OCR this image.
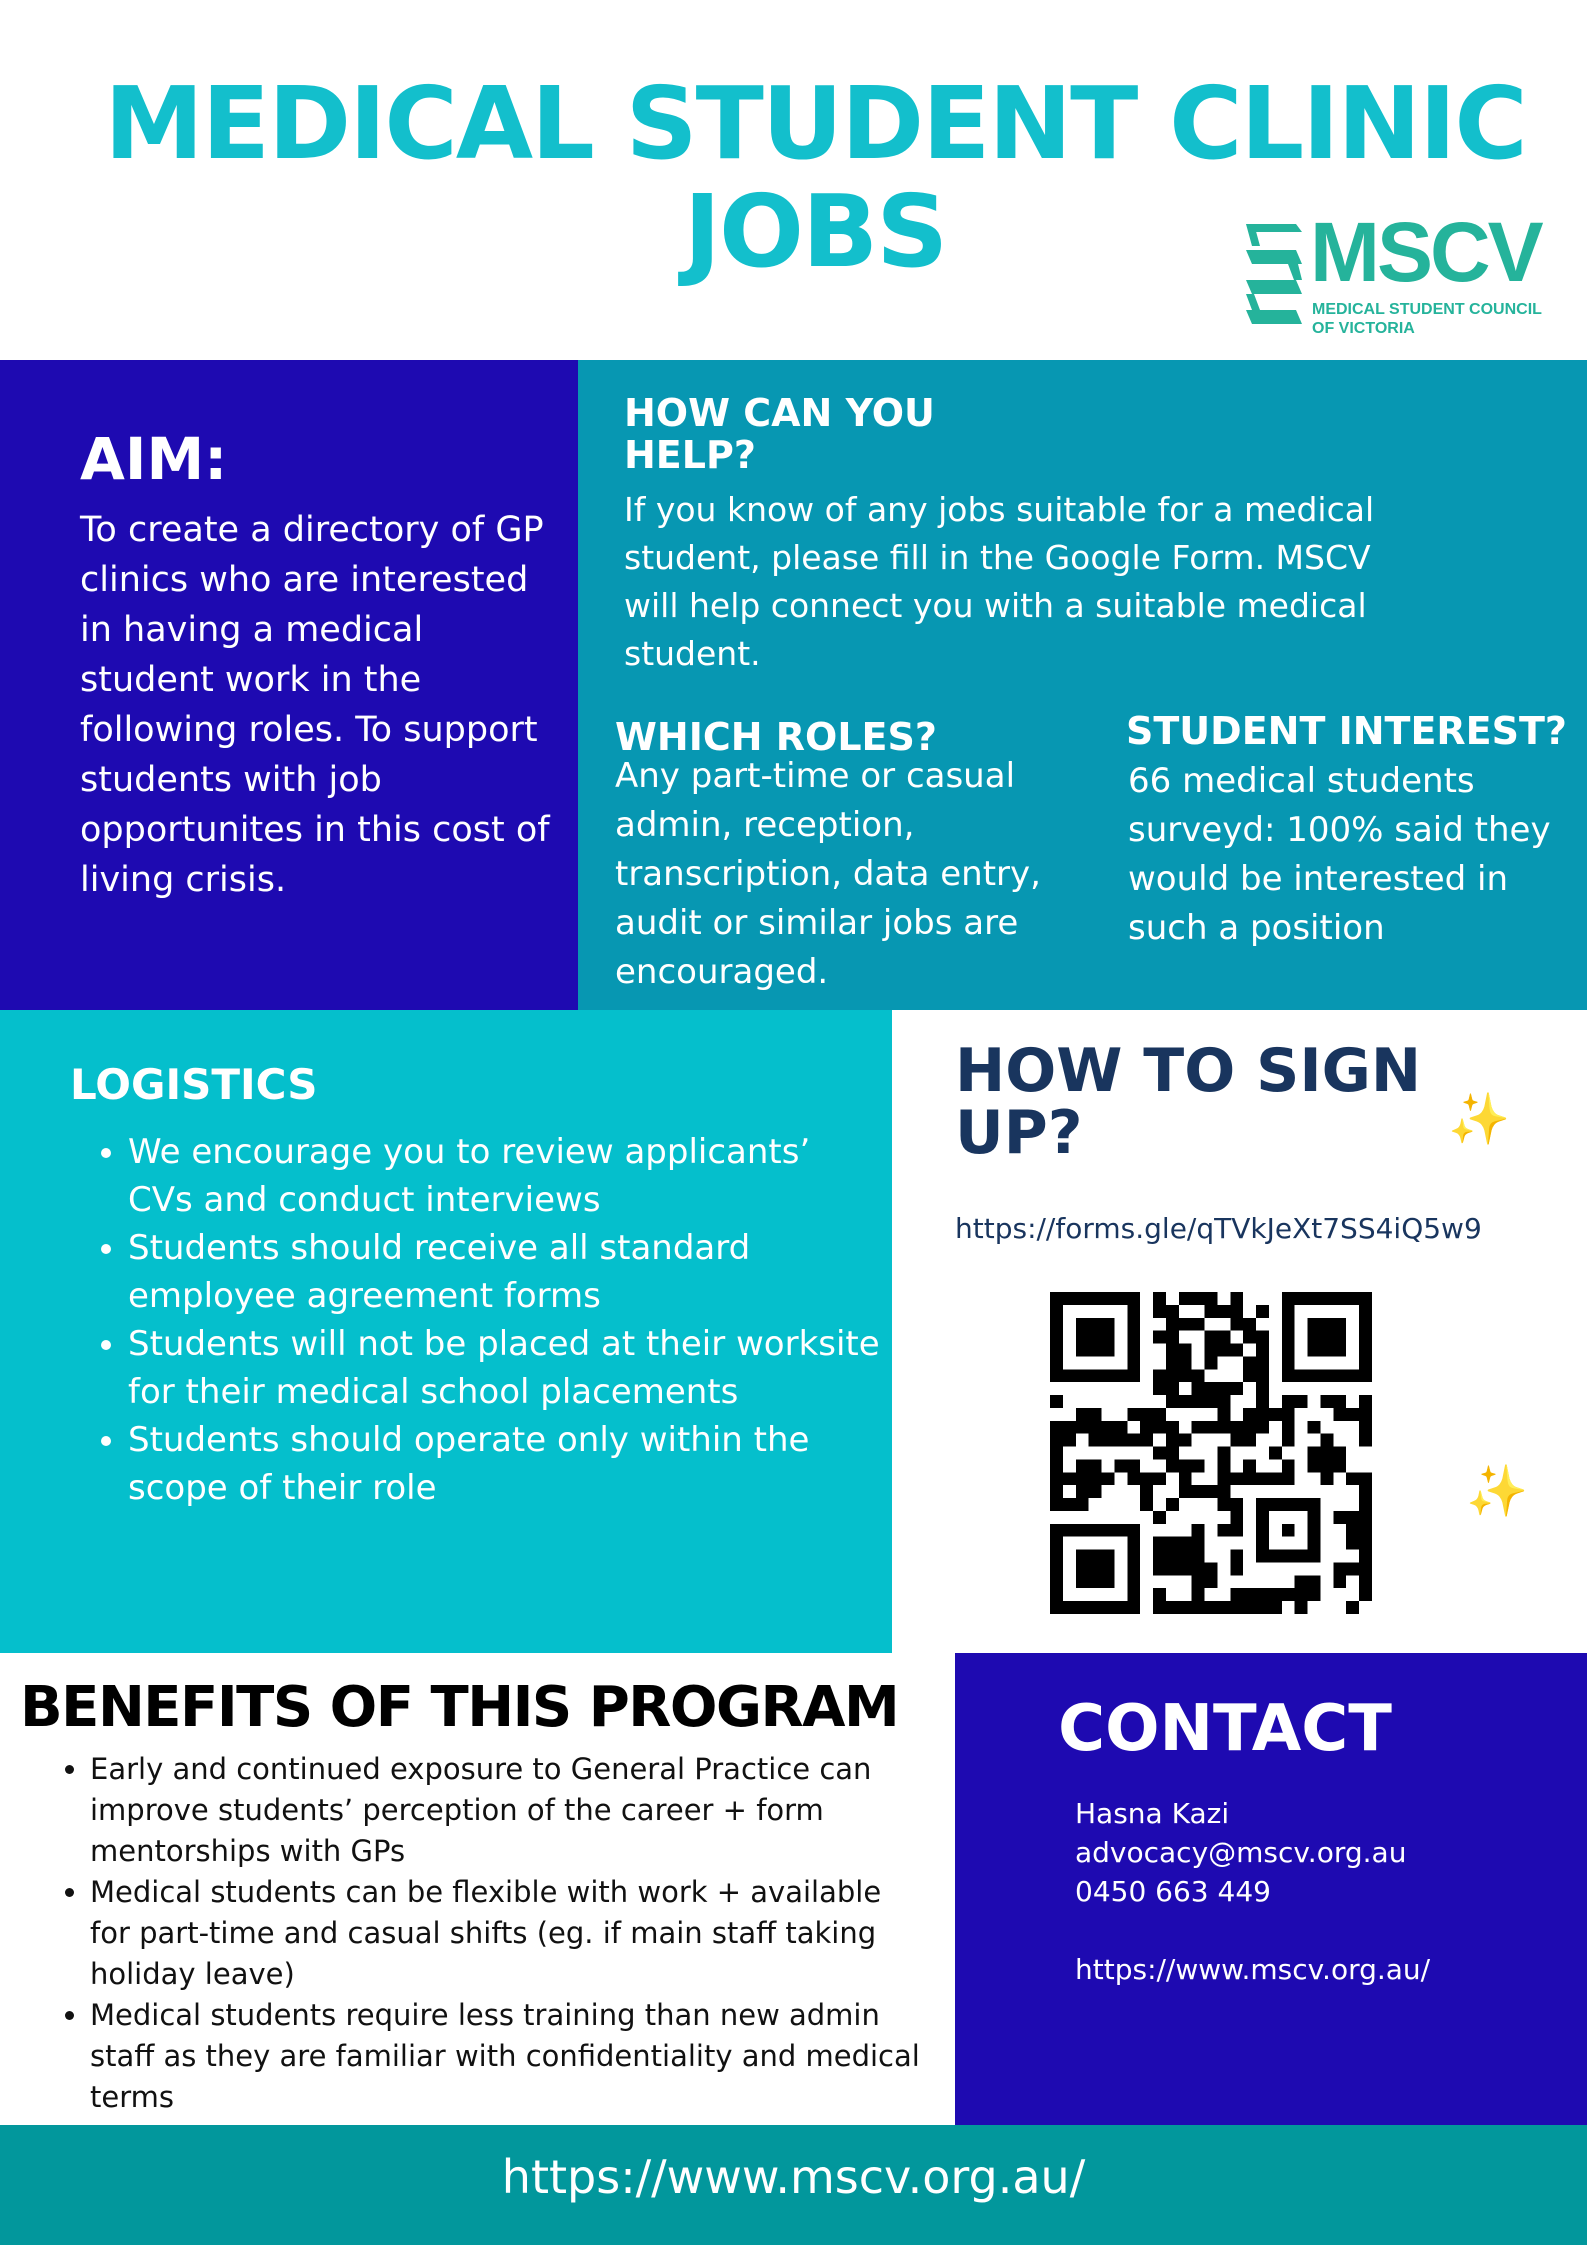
MEDICAL STUDENT CLINIC
JOBS	MSCV
MEDICAL STUDENT COUNCIL
OF VICTORIA
AIM:
To create a directory of GP clinics who are interested in having a medical student work in the following roles. To support students with job opportunites in this cost of living crisis.
HOW CAN YOU HELP?
If you know of any jobs suitable for a medical student, please fill in the Google Form. MSCV will help connect you with a suitable medical student.
WHICH ROLES?
Any part-time or casual admin, reception, transcription, data entry, audit or similar jobs are encouraged.
STUDENT INTEREST?
66 medical students surveyd: 100% said they would be interested in such a position
LOGISTICS
• We encourage you to review applicants’ CVs and conduct interviews
• Students should receive all standard employee agreement forms
• Students will not be placed at their worksite for their medical school placements
• Students should operate only within the scope of their role
HOW TO SIGN UP?	✨
✨
https://forms.gle/qTVkJeXt7SS4iQ5w9
BENEFITS OF THIS PROGRAM
• Early and continued exposure to General Practice can improve students’ perception of the career + form mentorships with GPs
• Medical students can be flexible with work + available for part-time and casual shifts (eg. if main staff taking holiday leave)
• Medical students require less training than new admin staff as they are familiar with confidentiality and medical terms
CONTACT
Hasna Kazi
advocacy@mscv.org.au
0450 663 449
https://www.mscv.org.au/
https://www.mscv.org.au/
